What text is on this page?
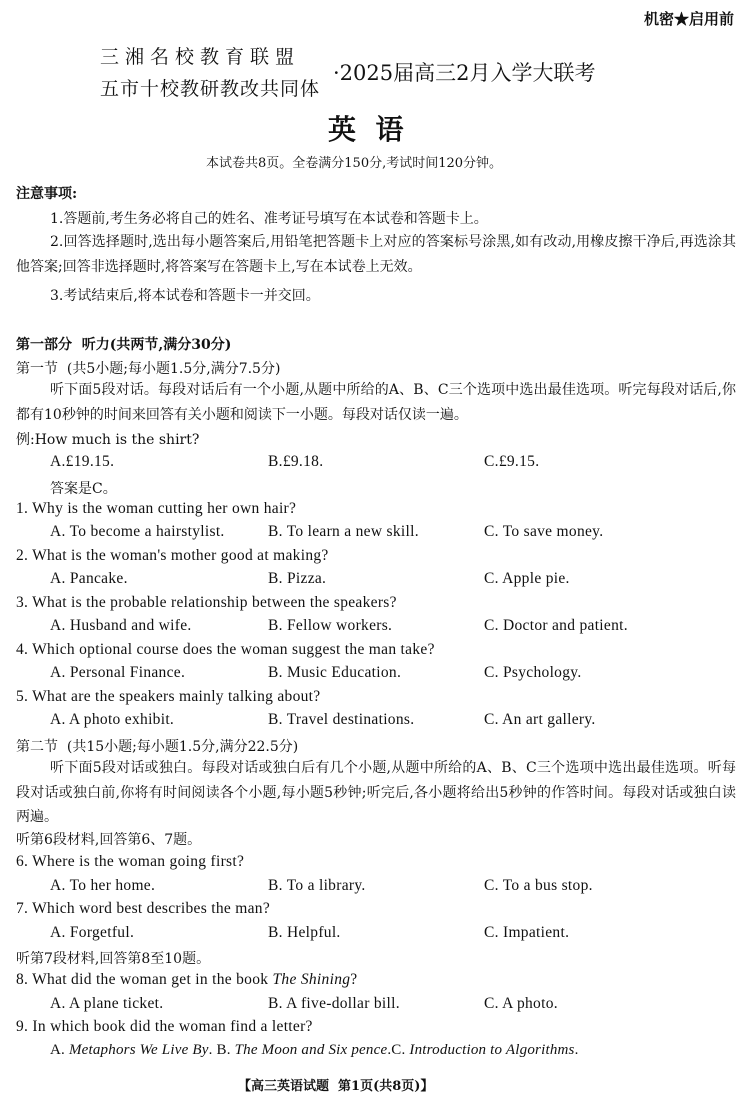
机密★启用前
三湘名校教育联盟
五市十校教研教改共同体
·2025届高三2月入学大联考
英  语
本试卷共8页。全卷满分150分,考试时间120分钟。
注意事项:
1.答题前,考生务必将自己的姓名、准考证号填写在本试卷和答题卡上。
2.回答选择题时,选出每小题答案后,用铅笔把答题卡上对应的答案标号涂黑,如有改动,用橡皮擦干净后,再选涂其他答案;回答非选择题时,将答案写在答题卡上,写在本试卷上无效。
3.考试结束后,将本试卷和答题卡一并交回。
第一部分  听力(共两节,满分30分)
第一节  (共5小题;每小题1.5分,满分7.5分)
听下面5段对话。每段对话后有一个小题,从题中所给的A、B、C三个选项中选出最佳选项。听完每段对话后,你都有10秒钟的时间来回答有关小题和阅读下一小题。每段对话仅读一遍。
例:How much is the shirt?
A.£19.15.	B.£9.18.	C.£9.15.
答案是C。
1. Why is the woman cutting her own hair?
A. To become a hairstylist.	B. To learn a new skill.	C. To save money.
2. What is the woman's mother good at making?
A. Pancake.	B. Pizza.	C. Apple pie.
3. What is the probable relationship between the speakers?
A. Husband and wife.	B. Fellow workers.	C. Doctor and patient.
4. Which optional course does the woman suggest the man take?
A. Personal Finance.	B. Music Education.	C. Psychology.
5. What are the speakers mainly talking about?
A. A photo exhibit.	B. Travel destinations.	C. An art gallery.
第二节  (共15小题;每小题1.5分,满分22.5分)
听下面5段对话或独白。每段对话或独白后有几个小题,从题中所给的A、B、C三个选项中选出最佳选项。听每段对话或独白前,你将有时间阅读各个小题,每小题5秒钟;听完后,各小题将给出5秒钟的作答时间。每段对话或独白读两遍。
听第6段材料,回答第6、7题。
6. Where is the woman going first?
A. To her home.	B. To a library.	C. To a bus stop.
7. Which word best describes the man?
A. Forgetful.	B. Helpful.	C. Impatient.
听第7段材料,回答第8至10题。
8. What did the woman get in the book The Shining?
A. A plane ticket.	B. A five-dollar bill.	C. A photo.
9. In which book did the woman find a letter?
A. Metaphors We Live By. B. The Moon and Six pence.C. Introduction to Algorithms.
【高三英语试题  第1页(共8页)】
